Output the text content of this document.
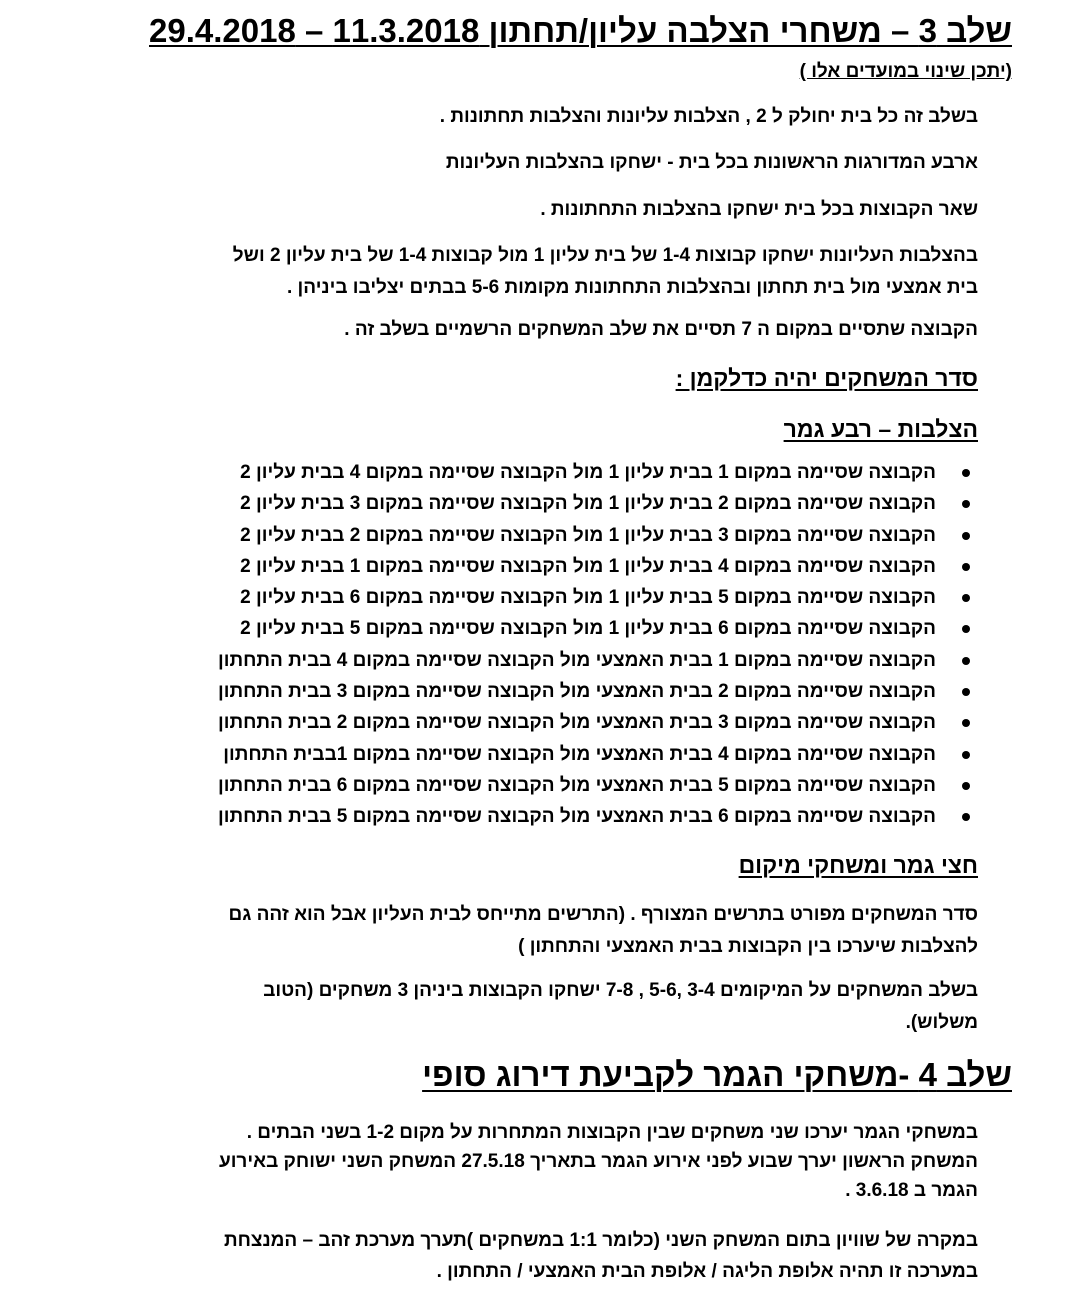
שלב 3 – משחרי הצלבה עליון/תחתון 11.3.2018 – 29.4.2018
(יתכן שינוי במועדים אלו )
בשלב זה כל בית יחולק ל 2 , הצלבות עליונות והצלבות תחתונות .
ארבע המדורגות הראשונות בכל בית - ישחקו בהצלבות העליונות
שאר הקבוצות בכל בית ישחקו בהצלבות התחתונות .
בהצלבות העליונות ישחקו קבוצות 1-4 של בית עליון 1 מול קבוצות 1-4 של בית עליון 2 ושל
בית אמצעי מול בית תחתון ובהצלבות התחתונות מקומות 5-6 בבתים יצליבו ביניהן .
הקבוצה שתסיים במקום ה 7 תסיים את שלב המשחקים הרשמיים בשלב זה .
סדר המשחקים יהיה כדלקמן :
הצלבות – רבע גמר
הקבוצה שסיימה במקום 1 בבית עליון 1 מול הקבוצה שסיימה במקום 4 בבית עליון 2
הקבוצה שסיימה במקום 2 בבית עליון 1 מול הקבוצה שסיימה במקום 3 בבית עליון 2
הקבוצה שסיימה במקום 3 בבית עליון 1 מול הקבוצה שסיימה במקום 2 בבית עליון 2
הקבוצה שסיימה במקום 4 בבית עליון 1 מול הקבוצה שסיימה במקום 1 בבית עליון 2
הקבוצה שסיימה במקום 5 בבית עליון 1 מול הקבוצה שסיימה במקום 6 בבית עליון 2
הקבוצה שסיימה במקום 6 בבית עליון 1 מול הקבוצה שסיימה במקום 5 בבית עליון 2
הקבוצה שסיימה במקום 1 בבית האמצעי מול הקבוצה שסיימה במקום 4 בבית התחתון
הקבוצה שסיימה במקום 2 בבית האמצעי מול הקבוצה שסיימה במקום 3 בבית התחתון
הקבוצה שסיימה במקום 3 בבית האמצעי מול הקבוצה שסיימה במקום 2 בבית התחתון
הקבוצה שסיימה במקום 4 בבית האמצעי מול הקבוצה שסיימה במקום 1בבית התחתון
הקבוצה שסיימה במקום 5 בבית האמצעי מול הקבוצה שסיימה במקום 6 בבית התחתון
הקבוצה שסיימה במקום 6 בבית האמצעי מול הקבוצה שסיימה במקום 5 בבית התחתון
חצי גמר ומשחקי מיקום
סדר המשחקים מפורט בתרשים המצורף . (התרשים מתייחס לבית העליון אבל הוא זהה גם
להצלבות שיערכו בין הקבוצות בבית האמצעי והתחתון )
בשלב המשחקים על המיקומים 3-4 ,5-6 , 7-8 ישחקו הקבוצות ביניהן 3 משחקים (הטוב
משלוש).
שלב 4 -משחקי הגמר לקביעת דירוג סופי
במשחקי הגמר יערכו שני משחקים שבין הקבוצות המתחרות על מקום 1-2 בשני הבתים .
המשחק הראשון יערך שבוע לפני אירוע הגמר בתאריך 27.5.18 המשחק השני ישוחק באירוע
הגמר ב 3.6.18 .
במקרה של שוויון בתום המשחק השני (כלומר 1:1 במשחקים )תערך מערכת זהב – המנצחת
במערכה זו תהיה אלופת הליגה / אלופת הבית האמצעי / התחתון .
